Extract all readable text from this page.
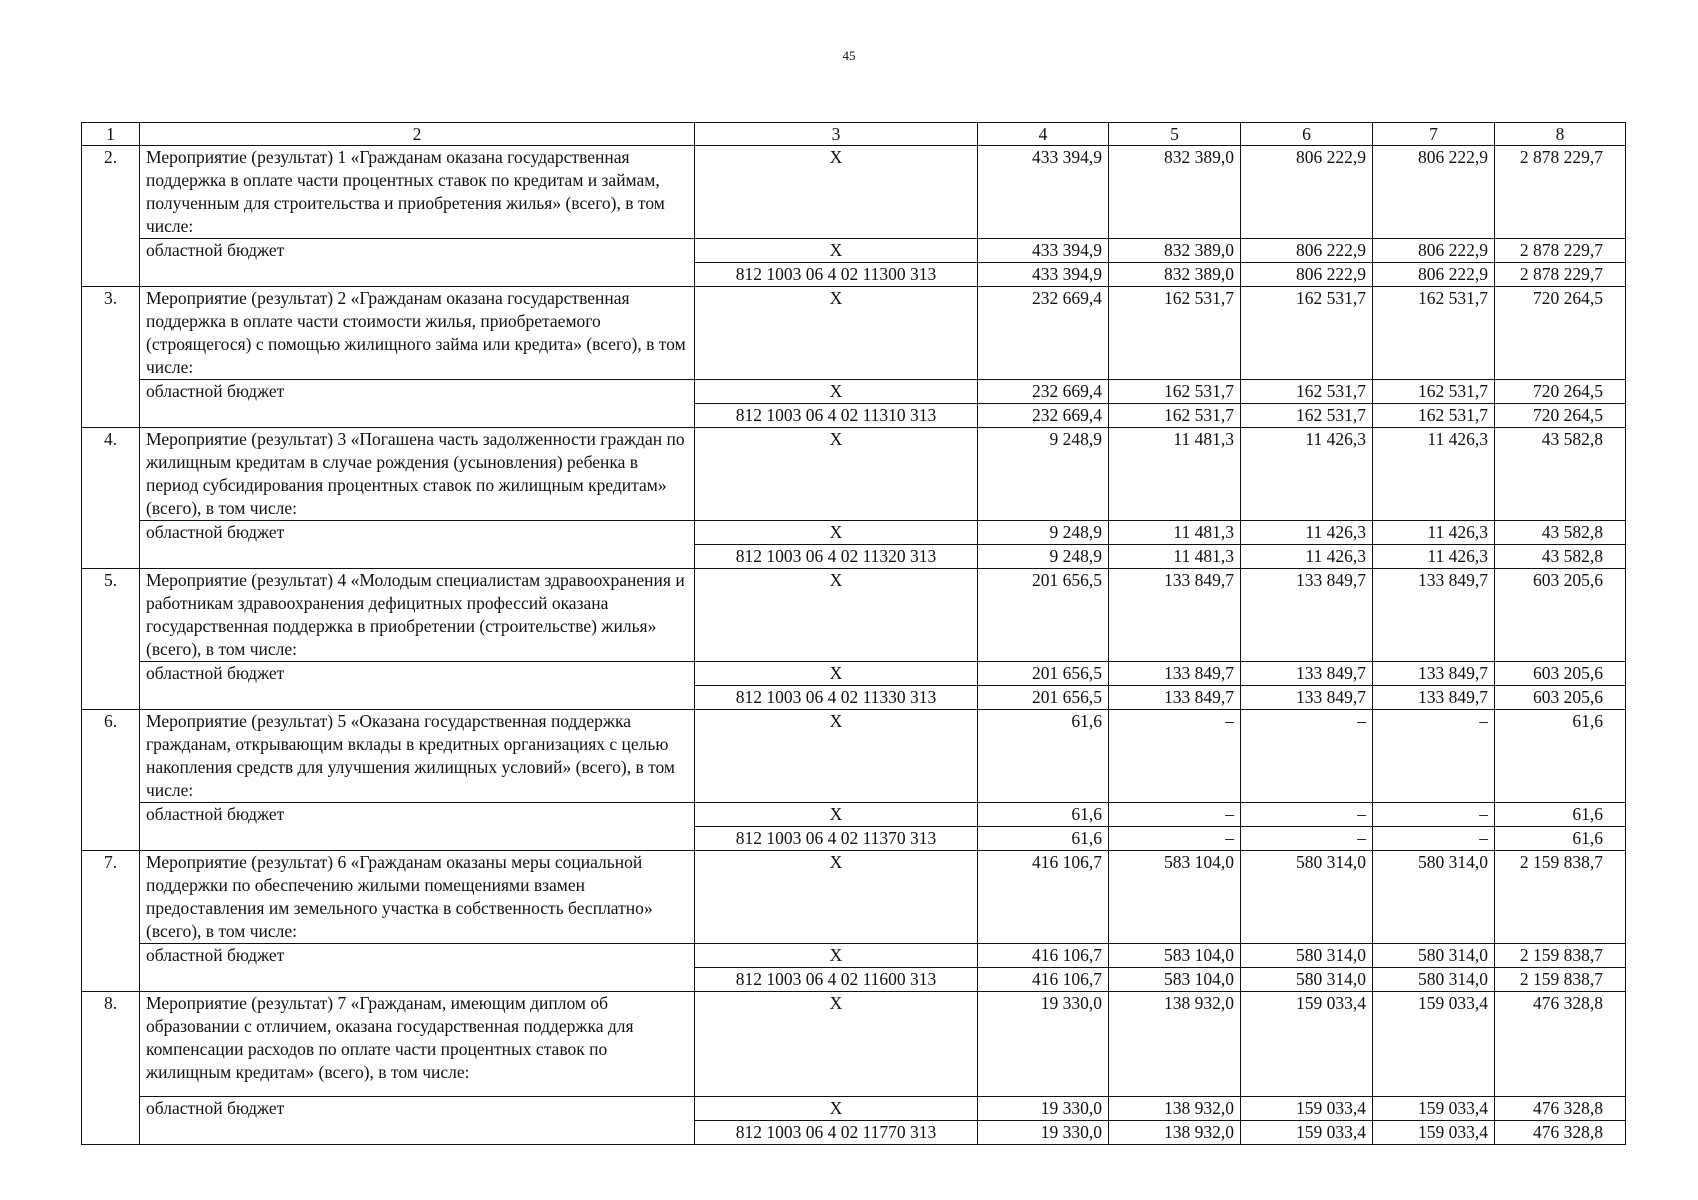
45
1	2	3	4	5	6	7	8
2.	Мероприятие (результат) 1 «Гражданам оказана государственная поддержка в оплате части процентных ставок по кредитам и займам, полученным для строительства и приобретения жилья» (всего), в том числе:	X	433 394,9	832 389,0	806 222,9	806 222,9	2 878 229,7
	областной бюджет	X	433 394,9	832 389,0	806 222,9	806 222,9	2 878 229,7
		812 1003 06 4 02 11300 313	433 394,9	832 389,0	806 222,9	806 222,9	2 878 229,7
3.	Мероприятие (результат) 2 «Гражданам оказана государственная поддержка в оплате части стоимости жилья, приобретаемого (строящегося) с помощью жилищного займа или кредита» (всего), в том числе:	X	232 669,4	162 531,7	162 531,7	162 531,7	720 264,5
	областной бюджет	X	232 669,4	162 531,7	162 531,7	162 531,7	720 264,5
		812 1003 06 4 02 11310 313	232 669,4	162 531,7	162 531,7	162 531,7	720 264,5
4.	Мероприятие (результат) 3 «Погашена часть задолженности граждан по жилищным кредитам в случае рождения (усыновления) ребенка в период субсидирования процентных ставок по жилищным кредитам» (всего), в том числе:	X	9 248,9	11 481,3	11 426,3	11 426,3	43 582,8
	областной бюджет	X	9 248,9	11 481,3	11 426,3	11 426,3	43 582,8
		812 1003 06 4 02 11320 313	9 248,9	11 481,3	11 426,3	11 426,3	43 582,8
5.	Мероприятие (результат) 4 «Молодым специалистам здравоохранения и работникам здравоохранения дефицитных профессий оказана государственная поддержка в приобретении (строительстве) жилья» (всего), в том числе:	X	201 656,5	133 849,7	133 849,7	133 849,7	603 205,6
	областной бюджет	X	201 656,5	133 849,7	133 849,7	133 849,7	603 205,6
		812 1003 06 4 02 11330 313	201 656,5	133 849,7	133 849,7	133 849,7	603 205,6
6.	Мероприятие (результат) 5 «Оказана государственная поддержка гражданам, открывающим вклады в кредитных организациях с целью накопления средств для улучшения жилищных условий» (всего), в том числе:	X	61,6	–	–	–	61,6
	областной бюджет	X	61,6	–	–	–	61,6
		812 1003 06 4 02 11370 313	61,6	–	–	–	61,6
7.	Мероприятие (результат) 6 «Гражданам оказаны меры социальной поддержки по обеспечению жилыми помещениями взамен предоставления им земельного участка в собственность бесплатно» (всего), в том числе:	X	416 106,7	583 104,0	580 314,0	580 314,0	2 159 838,7
	областной бюджет	X	416 106,7	583 104,0	580 314,0	580 314,0	2 159 838,7
		812 1003 06 4 02 11600 313	416 106,7	583 104,0	580 314,0	580 314,0	2 159 838,7
8.	Мероприятие (результат) 7 «Гражданам, имеющим диплом об образовании с отличием, оказана государственная поддержка для компенсации расходов по оплате части процентных ставок по жилищным кредитам» (всего), в том числе:	X	19 330,0	138 932,0	159 033,4	159 033,4	476 328,8
	областной бюджет	X	19 330,0	138 932,0	159 033,4	159 033,4	476 328,8
		812 1003 06 4 02 11770 313	19 330,0	138 932,0	159 033,4	159 033,4	476 328,8
